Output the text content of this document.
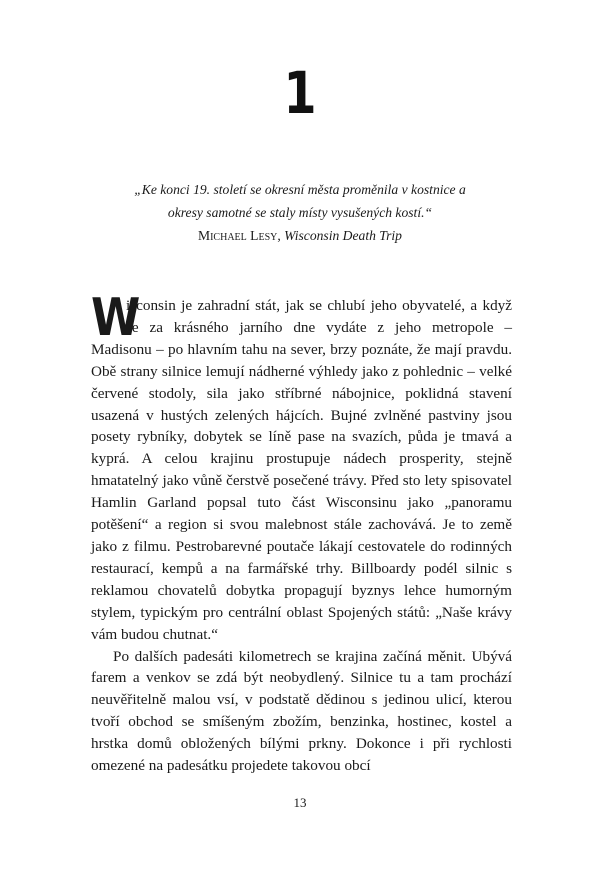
1

„Ke konci 19. století se okresní města proměnila v kostnice a okresy samotné se staly místy vysušených kostí.“

Michael Lesy, Wisconsin Death Trip

W
isconsin je zahradní stát, jak se chlubí jeho obyvatelé, a když se za krásného jarního dne vydáte z jeho metropole – Madisonu – po hlavním tahu na sever, brzy poznáte, že mají pravdu. Obě strany silnice lemují nádherné výhledy jako z pohlednic – velké červené stodoly, sila jako stříbrné nábojnice, poklidná stavení usazená v hustých zelených hájcích. Bujné zvlněné pastviny jsou posety rybníky, dobytek se líně pase na svazích, půda je tmavá a kyprá. A celou krajinu prostupuje nádech prosperity, stejně hmatatelný jako vůně čerstvě posečené trávy. Před sto lety spisovatel Hamlin Garland popsal tuto část Wisconsinu jako „panoramu potěšení“ a region si svou malebnost stále zachovává. Je to země jako z filmu. Pestrobarevné poutače lákají cestovatele do rodinných restaurací, kempů a na farmářské trhy. Billboardy podél silnic s reklamou chovatelů dobytka propagují byznys lehce humorným stylem, typickým pro centrální oblast Spojených států: „Naše krávy vám budou chutnat.“

Po dalších padesáti kilometrech se krajina začíná měnit. Ubývá farem a venkov se zdá být neobydlený. Silnice tu a tam prochází neuvěřitelně malou vsí, v podstatě dědinou s jedinou ulicí, kterou tvoří obchod se smíšeným zbožím, benzinka, hostinec, kostel a hrstka domů obložených bílými prkny. Dokonce i při rychlosti omezené na padesátku projedete takovou obcí

13
